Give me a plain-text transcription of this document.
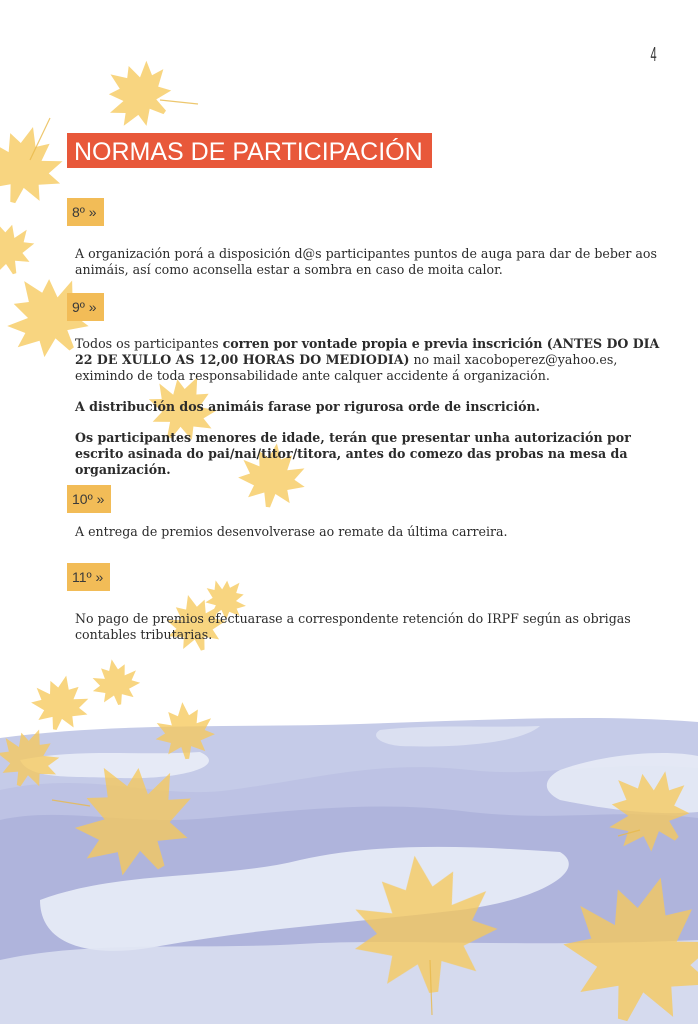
4
NORMAS DE PARTICIPACIÓN
8º »

A organización porá a disposición d@s participantes puntos de auga para dar de beber aos animáis, así como aconsella estar a sombra en caso de moita calor.

9º »

Todos os participantes corren por vontade propia e previa inscrición (ANTES DO DIA 22 DE XULLO AS 12,00 HORAS DO MEDIODIA) no mail xacoboperez@yahoo.es, eximindo de toda responsabilidade ante calquer accidente á organización.

A distribución dos animáis farase por rigurosa orde de inscrición.

Os participantes menores de idade, terán que presentar unha autorización por escrito asinada do pai/nai/titor/titora, antes do comezo das probas na mesa da organización.

10º »

A entrega de premios desenvolverase ao remate da última carreira.

11º »

No pago de premios efectuarase a correspondente retención do IRPF según as obrigas contables tributarias.
